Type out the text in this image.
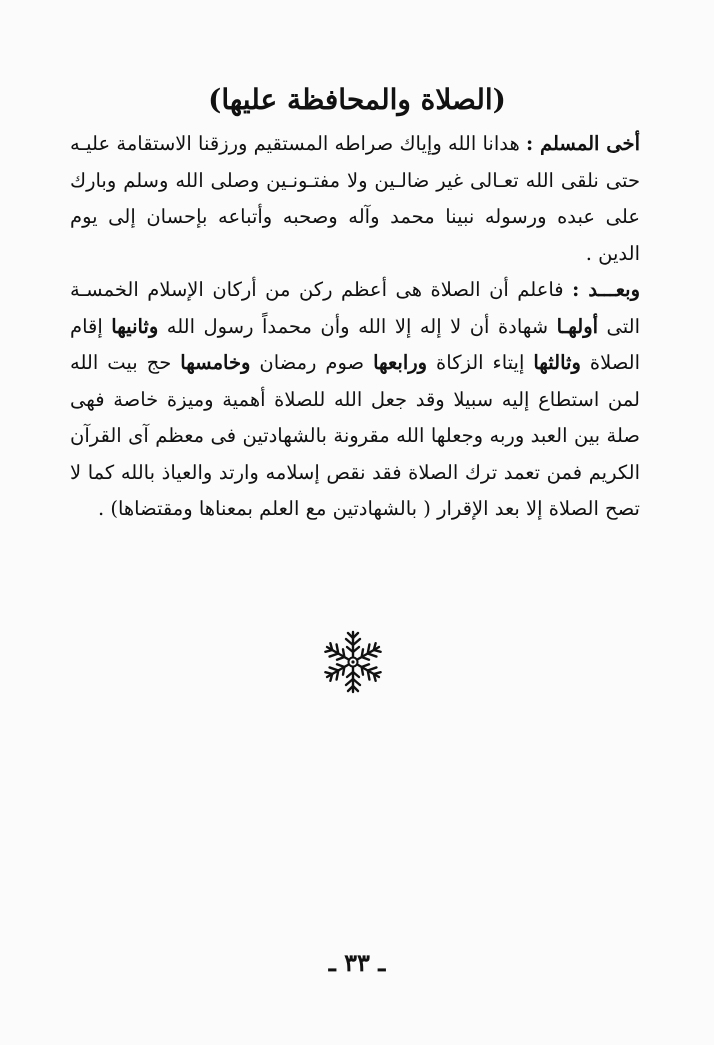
(الصلاة والمحافظة عليها)
أخى المسلم : هدانا الله وإياك صراطه المستقيم ورزقنا الاستقامة عليـه حتى نلقى الله تعـالى غير ضالـين ولا مفتـونـين وصلى الله وسلم وبارك على عبده ورسوله نبينا محمد وآله وصحبه وأتباعه بإحسان إلى يوم الدين .
وبعـــد : فاعلم أن الصلاة هى أعظم ركن من أركان الإسلام الخمسـة التى أولهـا شهادة أن لا إله إلا الله وأن محمداً رسول الله وثانيها إقام الصلاة وثالثها إيتاء الزكاة ورابعها صوم رمضان وخامسها حج بيت الله لمن استطاع إليه سبيلا وقد جعل الله للصلاة أهمية وميزة خاصة فهى صلة بين العبد وربه وجعلها الله مقرونة بالشهادتين فى معظم آى القرآن الكريم فمن تعمد ترك الصلاة فقد نقص إسلامه وارتد والعياذ بالله كما لا تصح الصلاة إلا بعد الإقرار ( بالشهادتين مع العلم بمعناها ومقتضاها) .
ـ ٣٣ ـ
